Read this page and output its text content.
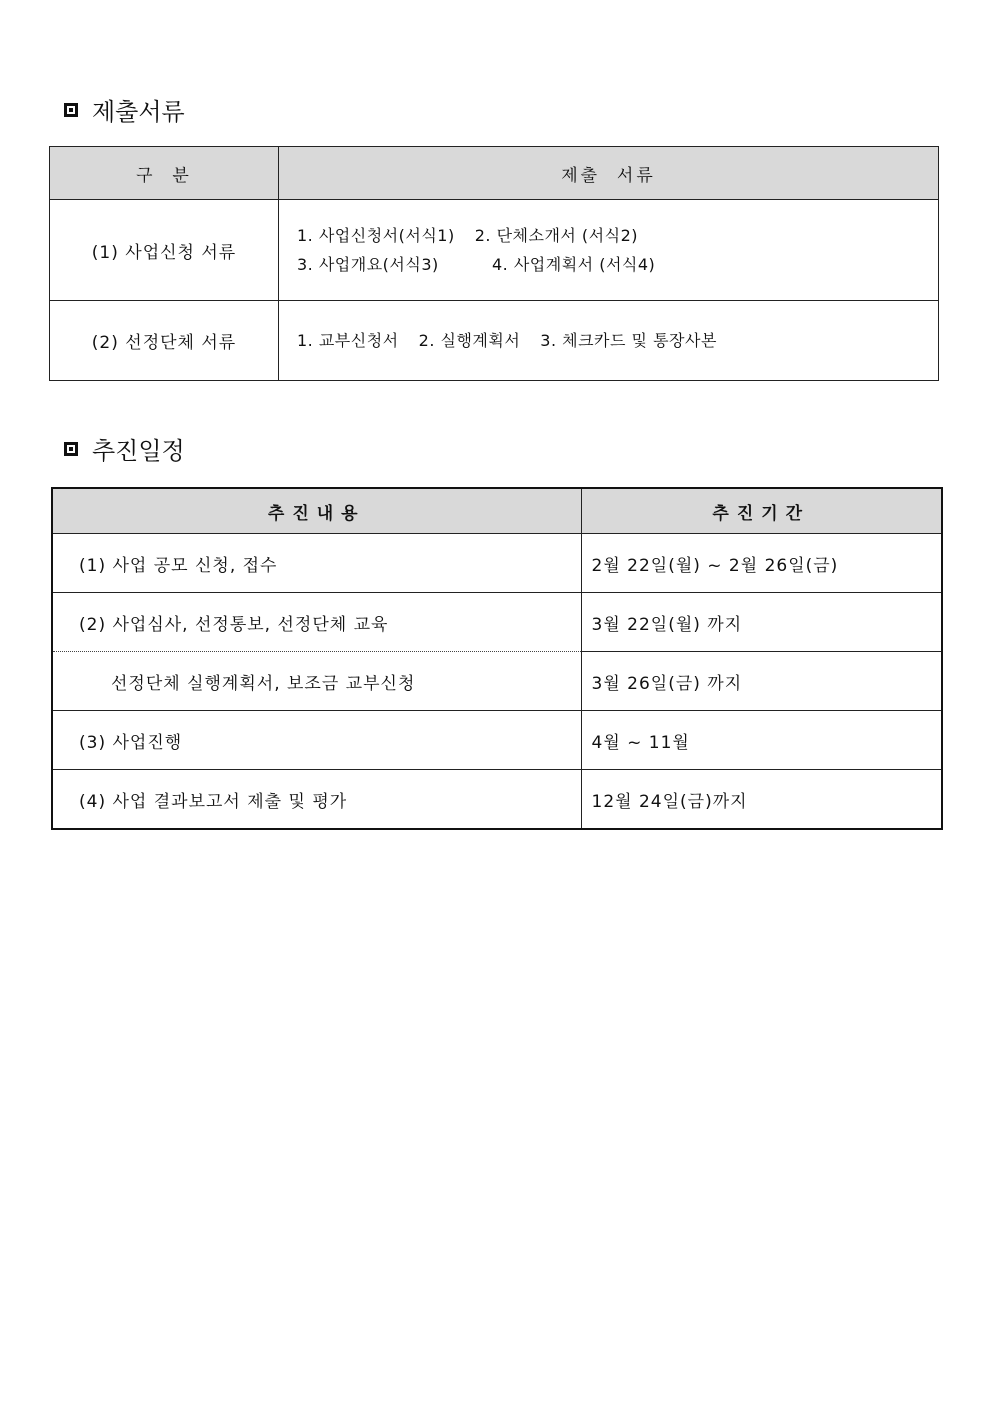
제출서류
구  분	제출  서류
(1) 사업신청 서류	1. 사업신청서(서식1) 2. 단체소개서 (서식2)
3. 사업개요(서식3) 4. 사업계획서 (서식4)

(2) 선정단체 서류	1. 교부신청서 2. 실행계획서 3. 체크카드 및 통장사본
추진일정
추진내용	추진기간
(1) 사업 공모 신청, 접수	2월 22일(월) ~ 2월 26일(금)
(2) 사업심사, 선정통보, 선정단체 교육	3월 22일(월) 까지
선정단체 실행계획서, 보조금 교부신청	3월 26일(금) 까지
(3) 사업진행	4월 ~ 11월
(4) 사업 결과보고서 제출 및 평가	12월 24일(금)까지
